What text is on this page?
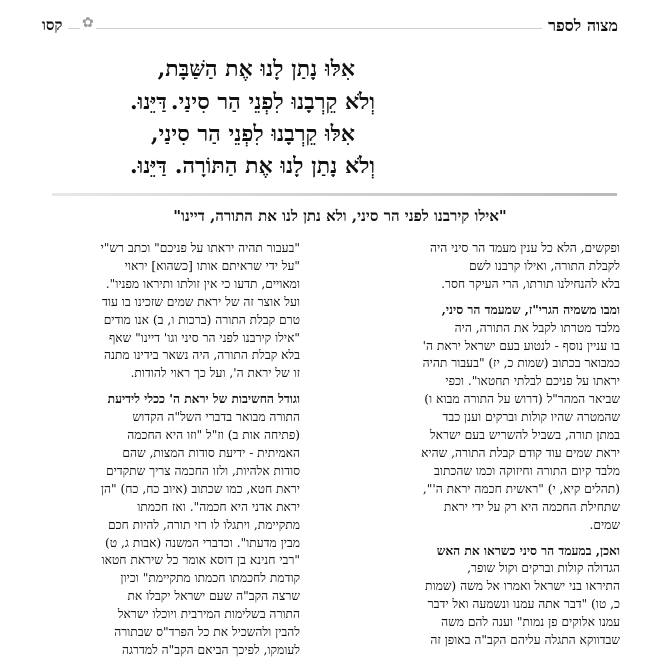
מצוה לספר
✿
קסו
אִלּוּ נָתַן לָנוּ אֶת הַשַּׁבָּת,
וְלֹא קֵרְבָנוּ לִפְנֵי הַר סִינַי.
דַּיֵּנוּ.
אִלּוּ קֵרְבָנוּ לִפְנֵי הַר סִינַי,
וְלֹא נָתַן לָנוּ אֶת הַתּוֹרָה.
דַּיֵּנוּ.
"אילו קירבנו לפני הר סיני, ולא נתן לנו את התורה, דיינו"

ופקשים, הלא כל ענין מעמד הר סיני היה

לקבלת התורה, ואילו קרבנו לשם

בלא להנחילנו תורתו, הרי העיקר חסר.

ומבו משמיה הגרי"ז, שמעמד הר סיני,

מלבד מטרתו לקבל את התורה, היה

בו עניין נוסף - לנטוע בעם ישראל יראת ה'

כמבואר בכתוב (שמות כ, יז) "בעבור תהיה

יראתו על פניכם לבלתי תחטאו". וכפי

שביאר המהר"ל (דרוש על התורה מבוא ו)

שהמטרה שהיו קולות וברקים וענן כבד

במתן תורה, בשביל להשריש בעם ישראל

יראת שמים עוד קודם קבלת התורה, שהיא

מלבד קיום התורה וחיזוקה וכמו שהכתוב

(תהלים קיא, י) "ראשית חכמה יראת ה'",

שתחילת החכמה היא רק על ידי יראת

שמים.

ואכן, במעמד הר סיני כשראו את האש

הגדולה קולות וברקים וקול שופר,

התיראו בני ישראל ואמרו אל משה (שמות

כ, טו) "דבר אתה עמנו ונשמעה ואל ידבר

עמנו אלוקים פן נמות" וענה להם משה

שבדווקא התגלה עליהם הקב"ה באופן זה

"בעבור תהיה יראתו על פניכם" וכתב רש"י

"על ידי שראיתם אותו [כשהוא] יראוי

ומאויים, תדעו כי אין זולתו ותיראו מפניו".

ועל אוצר זה של יראת שמים שזכינו בו עוד

טרם קבלת התורה (ברכות ו, ב) אנו מודים

"אילו קירבנו לפני הר סיני וגו' דיינו" שאף

בלא קבלת התורה, היה נשאר בידינו מתנה

זו של יראת ה', ועל כך ראוי להודות.

וגודל החשיבות של יראת ה' ככלי לידיעת

התורה מבואר בדברי השל"ה הקדוש

(פתיחה אות ב) וז"ל "וזו היא החכמה

האמיתית - ידיעת סודות המצות, שהם

סודות אלהיות, ולזו החכמה צריך שתקדים

יראת חטא, כמו שכתוב (איוב כח, כח) "הן

יראת אדני היא חכמה". ואז חכמתו

מתקיימת, ויתגלו לו רזי תורה, להיות חכם

מבין מדעתו". וכדברי המשנה (אבות ג, ט)

"רבי חנינא בן דוסא אומר כל שיראת חטאו

קודמת לחכמתו חכמתו מתקיימת" וכיון

שרצה הקב"ה שעם ישראל יקבלו את

התורה בשלימות המירבית ויוכלו ישראל

להבין ולהשכיל את כל הפרד"ס שבתורה

לעומקו, לפיכך הביאם הקב"ה למדרגה
